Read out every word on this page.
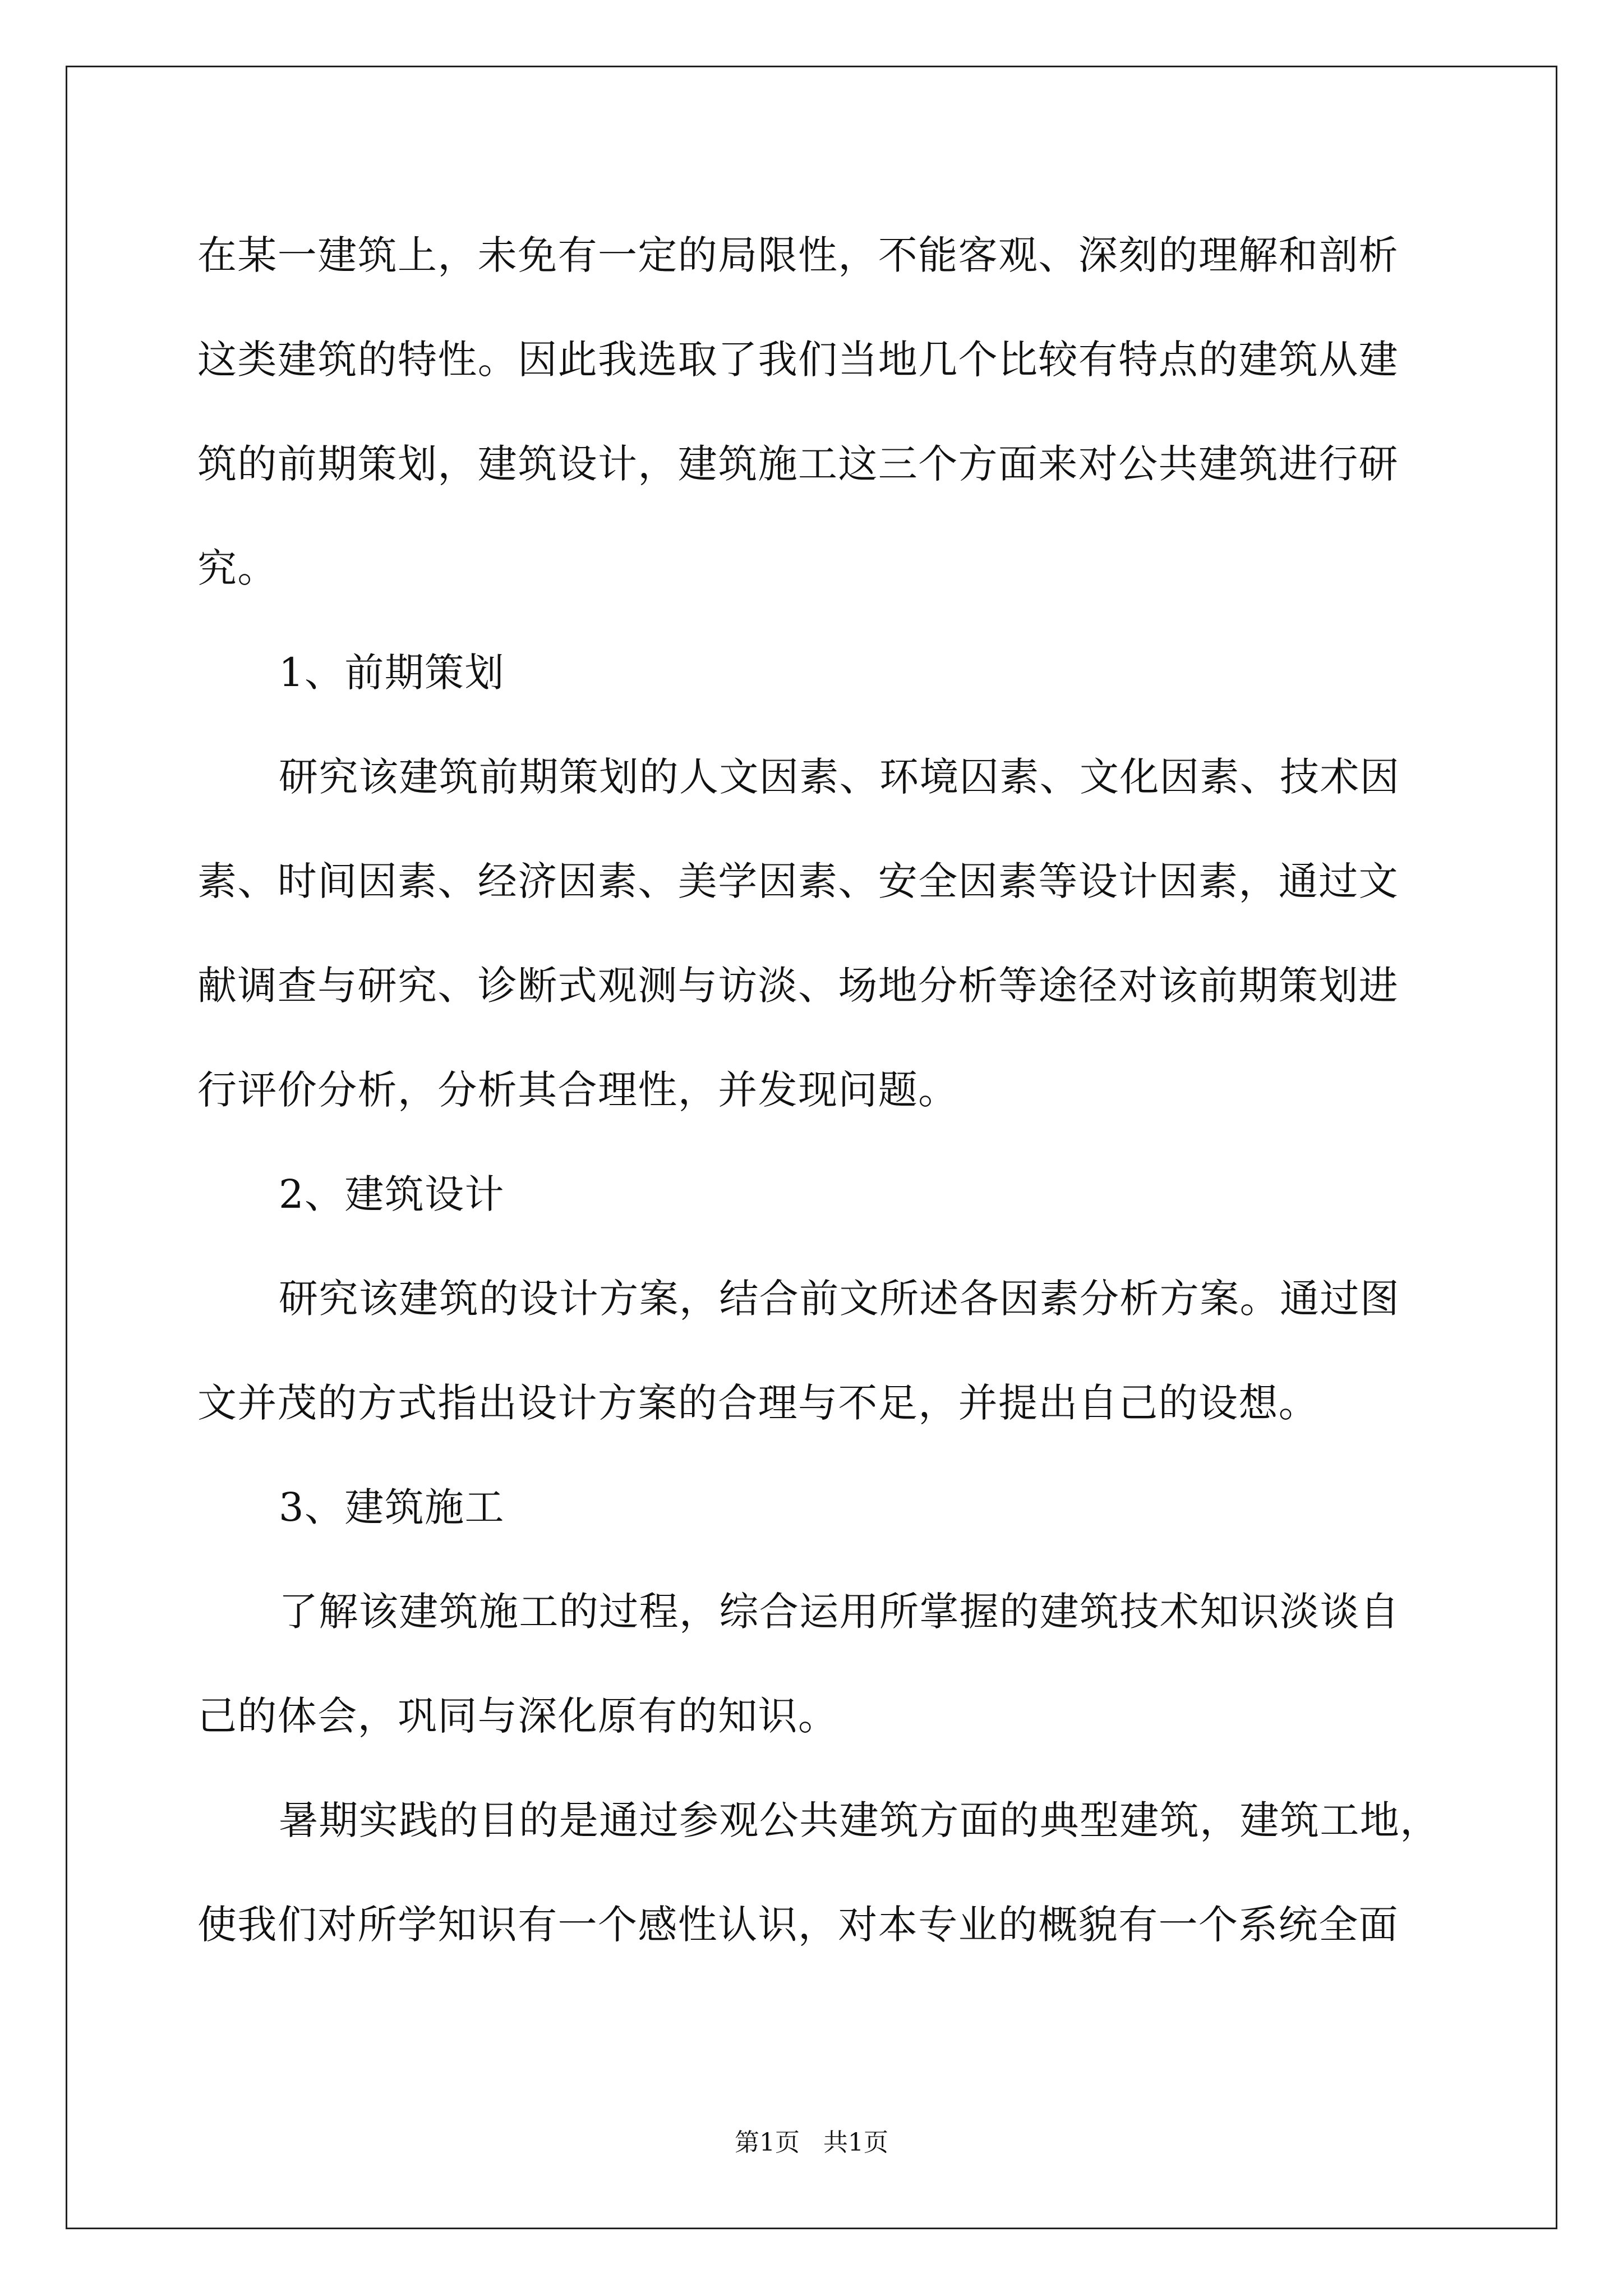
在某一建筑上，未免有一定的局限性，不能客观、深刻的理解和剖析
这类建筑的特性。因此我选取了我们当地几个比较有特点的建筑从建
筑的前期策划，建筑设计，建筑施工这三个方面来对公共建筑进行研
究。
1、前期策划
研究该建筑前期策划的人文因素、环境囚素、文化因素、技术因
素、时间因素、经济因素、美学因素、安全因素等设计因素，通过文
献调查与研究、诊断式观测与访淡、场地分析等途径对该前期策划进
行评价分析，分析其合理性，并发现问题。
2、建筑设计
研究该建筑的设计方案，结合前文所述各因素分析方案。通过图
文并茂的方式指出设计方案的合理与不足，并提出自己的设想。
3、建筑施工
了解该建筑施工的过程，综合运用所掌握的建筑技术知识淡谈自
己的体会，巩同与深化原有的知识。
暑期实践的目的是通过参观公共建筑方面的典型建筑，建筑工地，
使我们对所学知识有一个感性认识，对本专业的概貌有一个系统全面
第1页   共1页
